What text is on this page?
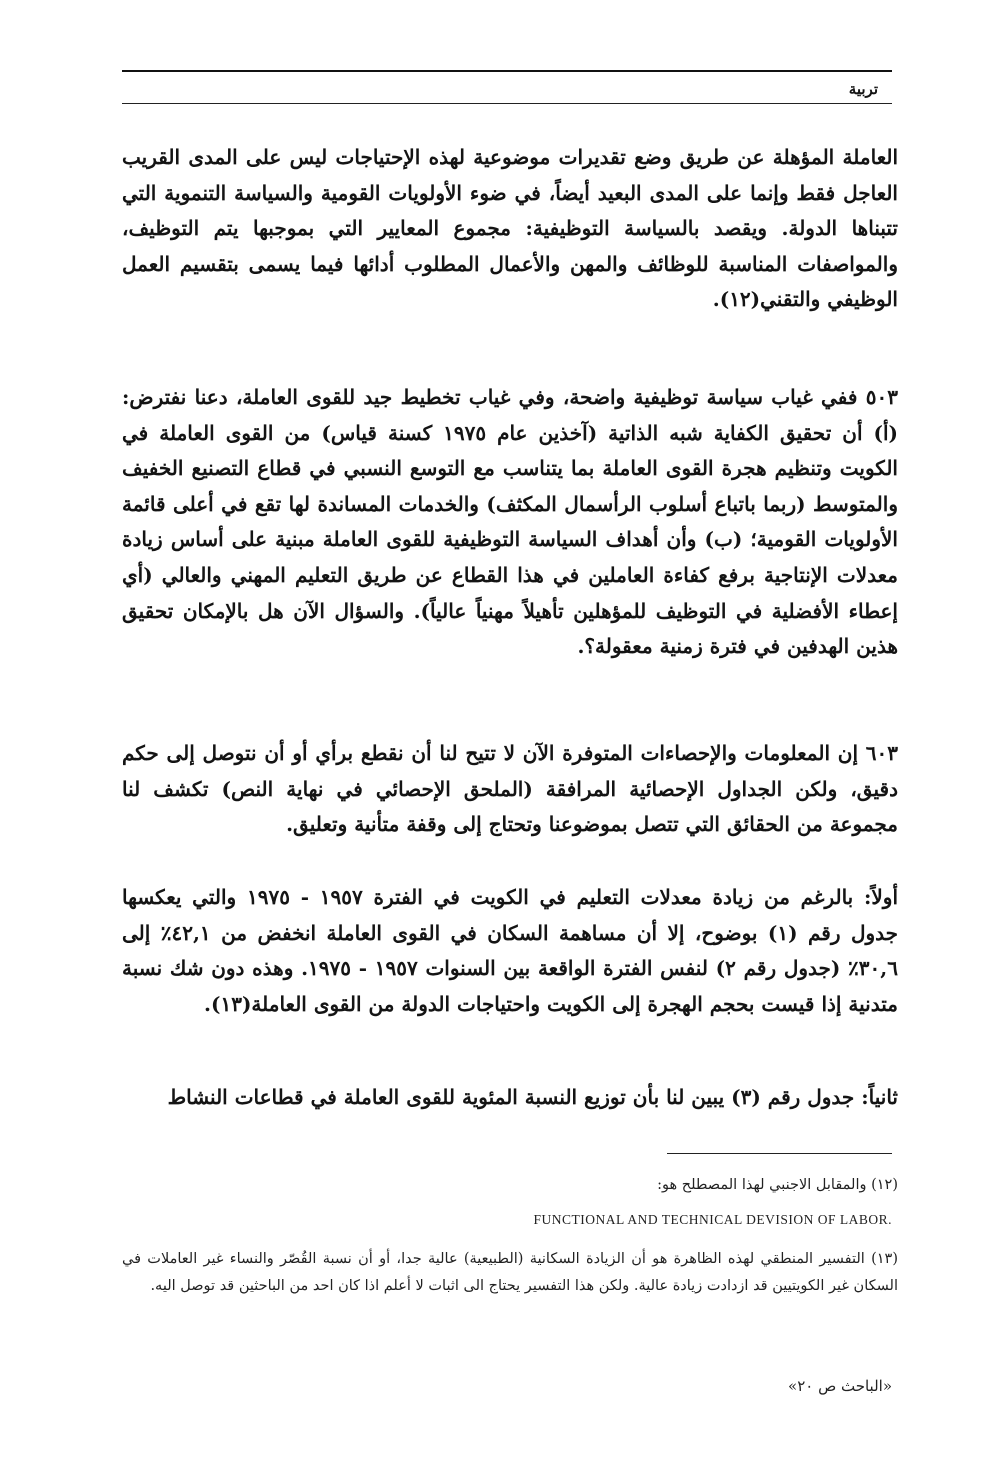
تربية
العاملة المؤهلة عن طريق وضع تقديرات موضوعية لهذه الإحتياجات ليس على المدى القريب العاجل فقط وإنما على المدى البعيد أيضاً، في ضوء الأولويات القومية والسياسة التنموية التي تتبناها الدولة. ويقصد بالسياسة التوظيفية: مجموع المعايير التي بموجبها يتم التوظيف، والمواصفات المناسبة للوظائف والمهن والأعمال المطلوب أدائها فيما يسمى بتقسيم العمل الوظيفي والتقني(١٢).
٥٠٣ ففي غياب سياسة توظيفية واضحة، وفي غياب تخطيط جيد للقوى العاملة، دعنا نفترض: (أ) أن تحقيق الكفاية شبه الذاتية (آخذين عام ١٩٧٥ كسنة قياس) من القوى العاملة في الكويت وتنظيم هجرة القوى العاملة بما يتناسب مع التوسع النسبي في قطاع التصنيع الخفيف والمتوسط (ربما باتباع أسلوب الرأسمال المكثف) والخدمات المساندة لها تقع في أعلى قائمة الأولويات القومية؛ (ب) وأن أهداف السياسة التوظيفية للقوى العاملة مبنية على أساس زيادة معدلات الإنتاجية برفع كفاءة العاملين في هذا القطاع عن طريق التعليم المهني والعالي (أي إعطاء الأفضلية في التوظيف للمؤهلين تأهيلاً مهنياً عالياً). والسؤال الآن هل بالإمكان تحقيق هذين الهدفين في فترة زمنية معقولة؟.
٦٠٣ إن المعلومات والإحصاءات المتوفرة الآن لا تتيح لنا أن نقطع برأي أو أن نتوصل إلى حكم دقيق، ولكن الجداول الإحصائية المرافقة (الملحق الإحصائي في نهاية النص) تكشف لنا مجموعة من الحقائق التي تتصل بموضوعنا وتحتاج إلى وقفة متأنية وتعليق.
أولاً: بالرغم من زيادة معدلات التعليم في الكويت في الفترة ١٩٥٧ - ١٩٧٥ والتي يعكسها جدول رقم (١) بوضوح، إلا أن مساهمة السكان في القوى العاملة انخفض من ٤٢,١٪ إلى ٣٠,٦٪ (جدول رقم ٢) لنفس الفترة الواقعة بين السنوات ١٩٥٧ - ١٩٧٥. وهذه دون شك نسبة متدنية إذا قيست بحجم الهجرة إلى الكويت واحتياجات الدولة من القوى العاملة(١٣).
ثانياً: جدول رقم (٣) يبين لنا بأن توزيع النسبة المئوية للقوى العاملة في قطاعات النشاط
(١٢) والمقابل الاجنبي لهذا المصطلح هو:
FUNCTIONAL AND TECHNICAL DEVISION OF LABOR.
(١٣) التفسير المنطقي لهذه الظاهرة هو أن الزيادة السكانية (الطبيعية) عالية جدا، أو أن نسبة القُصّر والنساء غير العاملات في السكان غير الكويتيين قد ازدادت زيادة عالية. ولكن هذا التفسير يحتاج الى اثبات لا أعلم اذا كان احد من الباحثين قد توصل اليه.
«الباحث ص ٢٠»
